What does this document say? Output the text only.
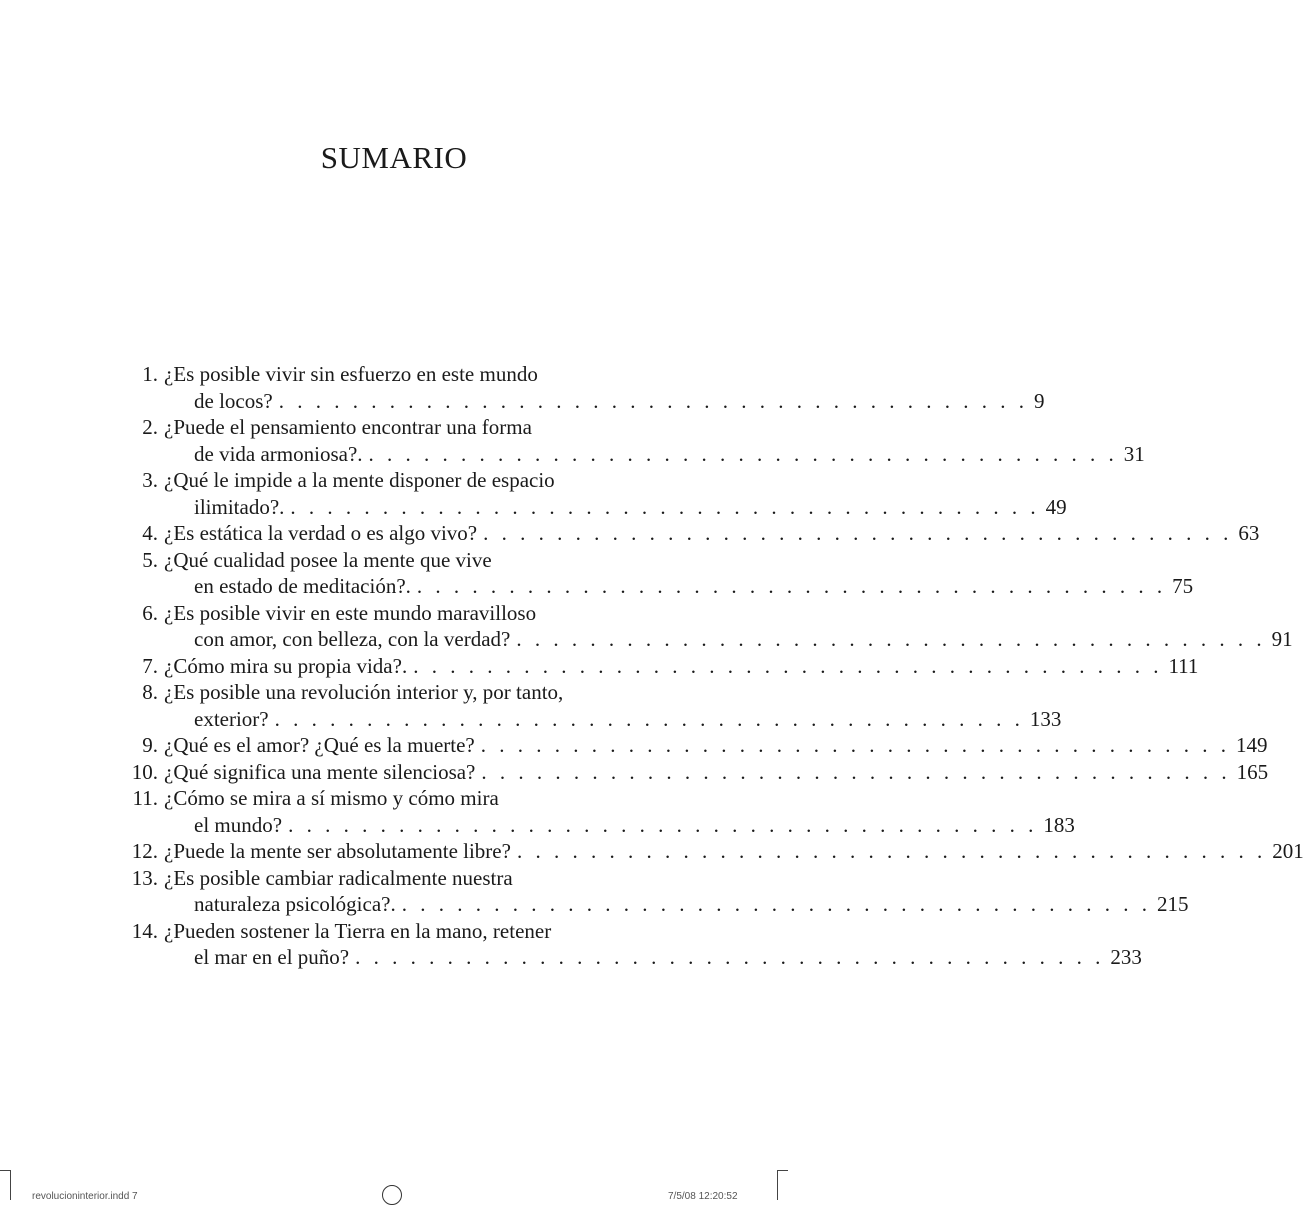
SUMARIO
1. ¿Es posible vivir sin esfuerzo en este mundo
de locos? . . . . . . . . . . . . . . . . . . . . . . . . . . . . . . . . . . . . . . . . . 9
2. ¿Puede el pensamiento encontrar una forma
de vida armoniosa?. . . . . . . . . . . . . . . . . . . . . . . . . . . . . . . . . . . . . . . . . . 31
3. ¿Qué le impide a la mente disponer de espacio
ilimitado?. . . . . . . . . . . . . . . . . . . . . . . . . . . . . . . . . . . . . . . . . . 49
4. ¿Es estática la verdad o es algo vivo? . . . . . . . . . . . . . . . . . . . . . . . . . . . . . . . . . . . . . . . . . 63
5. ¿Qué cualidad posee la mente que vive
en estado de meditación?. . . . . . . . . . . . . . . . . . . . . . . . . . . . . . . . . . . . . . . . . . 75
6. ¿Es posible vivir en este mundo maravilloso
con amor, con belleza, con la verdad? . . . . . . . . . . . . . . . . . . . . . . . . . . . . . . . . . . . . . . . . . 91
7. ¿Cómo mira su propia vida?. . . . . . . . . . . . . . . . . . . . . . . . . . . . . . . . . . . . . . . . . . 111
8. ¿Es posible una revolución interior y, por tanto,
exterior? . . . . . . . . . . . . . . . . . . . . . . . . . . . . . . . . . . . . . . . . . 133
9. ¿Qué es el amor? ¿Qué es la muerte? . . . . . . . . . . . . . . . . . . . . . . . . . . . . . . . . . . . . . . . . . 149
10. ¿Qué significa una mente silenciosa? . . . . . . . . . . . . . . . . . . . . . . . . . . . . . . . . . . . . . . . . . 165
11. ¿Cómo se mira a sí mismo y cómo mira
el mundo? . . . . . . . . . . . . . . . . . . . . . . . . . . . . . . . . . . . . . . . . . 183
12. ¿Puede la mente ser absolutamente libre? . . . . . . . . . . . . . . . . . . . . . . . . . . . . . . . . . . . . . . . . . 201
13. ¿Es posible cambiar radicalmente nuestra
naturaleza psicológica?. . . . . . . . . . . . . . . . . . . . . . . . . . . . . . . . . . . . . . . . . . 215
14. ¿Pueden sostener la Tierra en la mano, retener
el mar en el puño? . . . . . . . . . . . . . . . . . . . . . . . . . . . . . . . . . . . . . . . . . 233
revolucioninterior.indd 7	7/5/08 12:20:52
